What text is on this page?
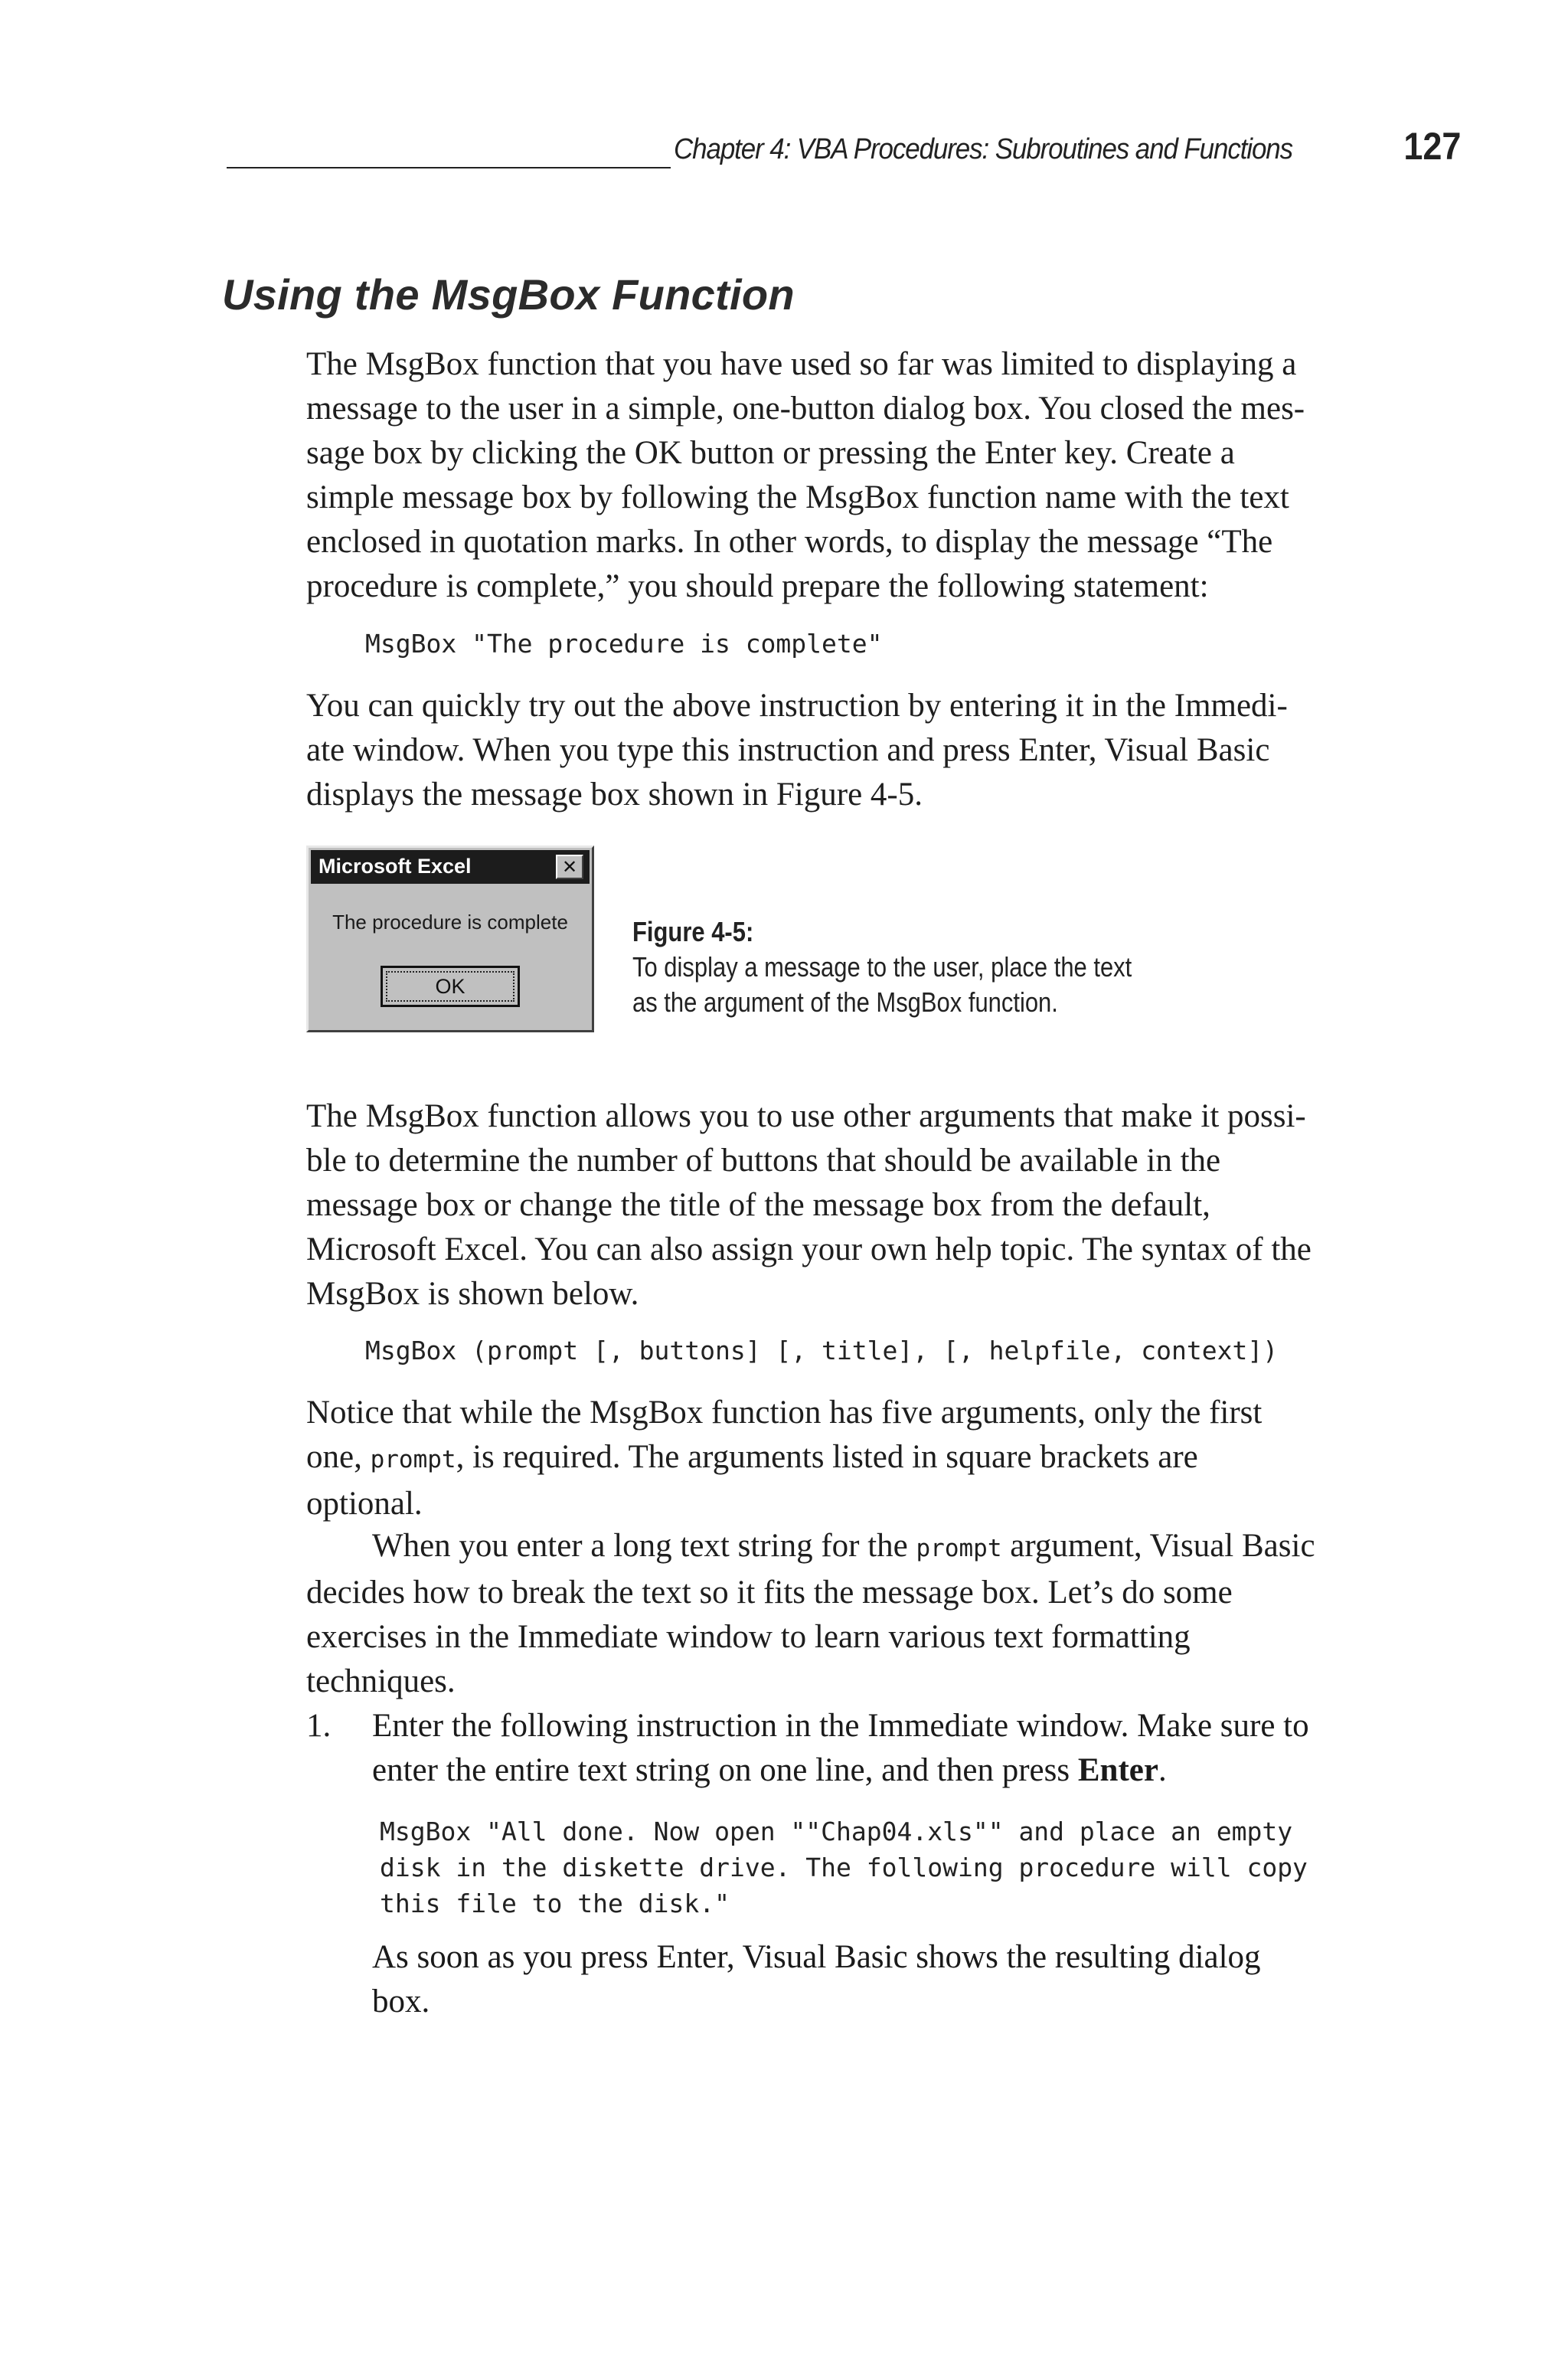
Chapter 4: VBA Procedures: Subroutines and Functions	127
Using the MsgBox Function
The MsgBox function that you have used so far was limited to displaying a
message to the user in a simple, one-button dialog box. You closed the mes-
sage box by clicking the OK button or pressing the Enter key. Create a
simple message box by following the MsgBox function name with the text
enclosed in quotation marks. In other words, to display the message “The
procedure is complete,” you should prepare the following statement:
MsgBox "The procedure is complete"
You can quickly try out the above instruction by entering it in the Immedi-
ate window. When you type this instruction and press Enter, Visual Basic
displays the message box shown in Figure 4-5.
Microsoft Excel	✕
The procedure is complete
OK
Figure 4-5:
To display a message to the user, place the text
as the argument of the MsgBox function.
The MsgBox function allows you to use other arguments that make it possi-
ble to determine the number of buttons that should be available in the
message box or change the title of the message box from the default,
Microsoft Excel. You can also assign your own help topic. The syntax of the
MsgBox is shown below.
MsgBox (prompt [, buttons] [, title], [, helpfile, context])
Notice that while the MsgBox function has five arguments, only the first
one, prompt, is required. The arguments listed in square brackets are
optional.
When you enter a long text string for the prompt argument, Visual Basic
decides how to break the text so it fits the message box. Let’s do some
exercises in the Immediate window to learn various text formatting
techniques.
1.	Enter the following instruction in the Immediate window. Make sure to
enter the entire text string on one line, and then press Enter.
MsgBox "All done. Now open ""Chap04.xls"" and place an empty
disk in the diskette drive. The following procedure will copy
this file to the disk."
As soon as you press Enter, Visual Basic shows the resulting dialog
box.
